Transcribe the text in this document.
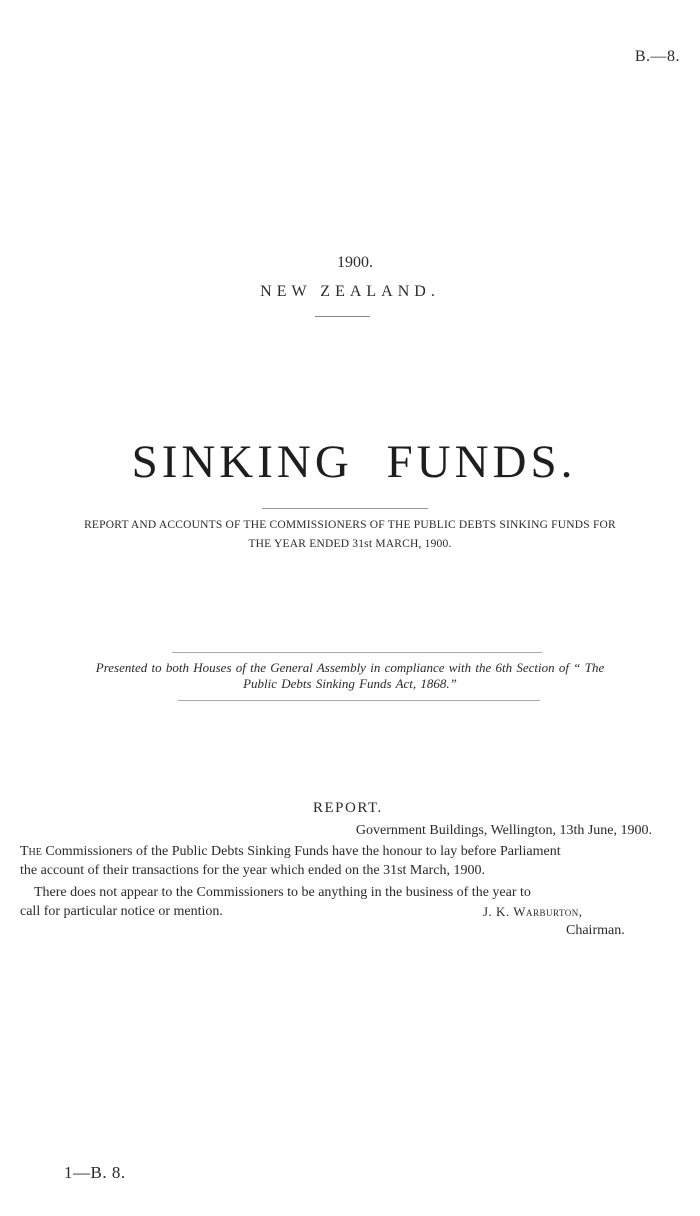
B.—8.
1900.
NEW ZEALAND.
SINKING FUNDS.
REPORT AND ACCOUNTS OF THE COMMISSIONERS OF THE PUBLIC DEBTS SINKING FUNDS FOR
THE YEAR ENDED 31st MARCH, 1900.
Presented to both Houses of the General Assembly in compliance with the 6th Section of “ The
Public Debts Sinking Funds Act, 1868.”
REPORT.
Government Buildings, Wellington, 13th June, 1900.
The Commissioners of the Public Debts Sinking Funds have the honour to lay before Parliament
the account of their transactions for the year which ended on the 31st March, 1900.
There does not appear to the Commissioners to be anything in the business of the year to
call for particular notice or mention.	J. K. Warburton,
Chairman.
1—B. 8.
